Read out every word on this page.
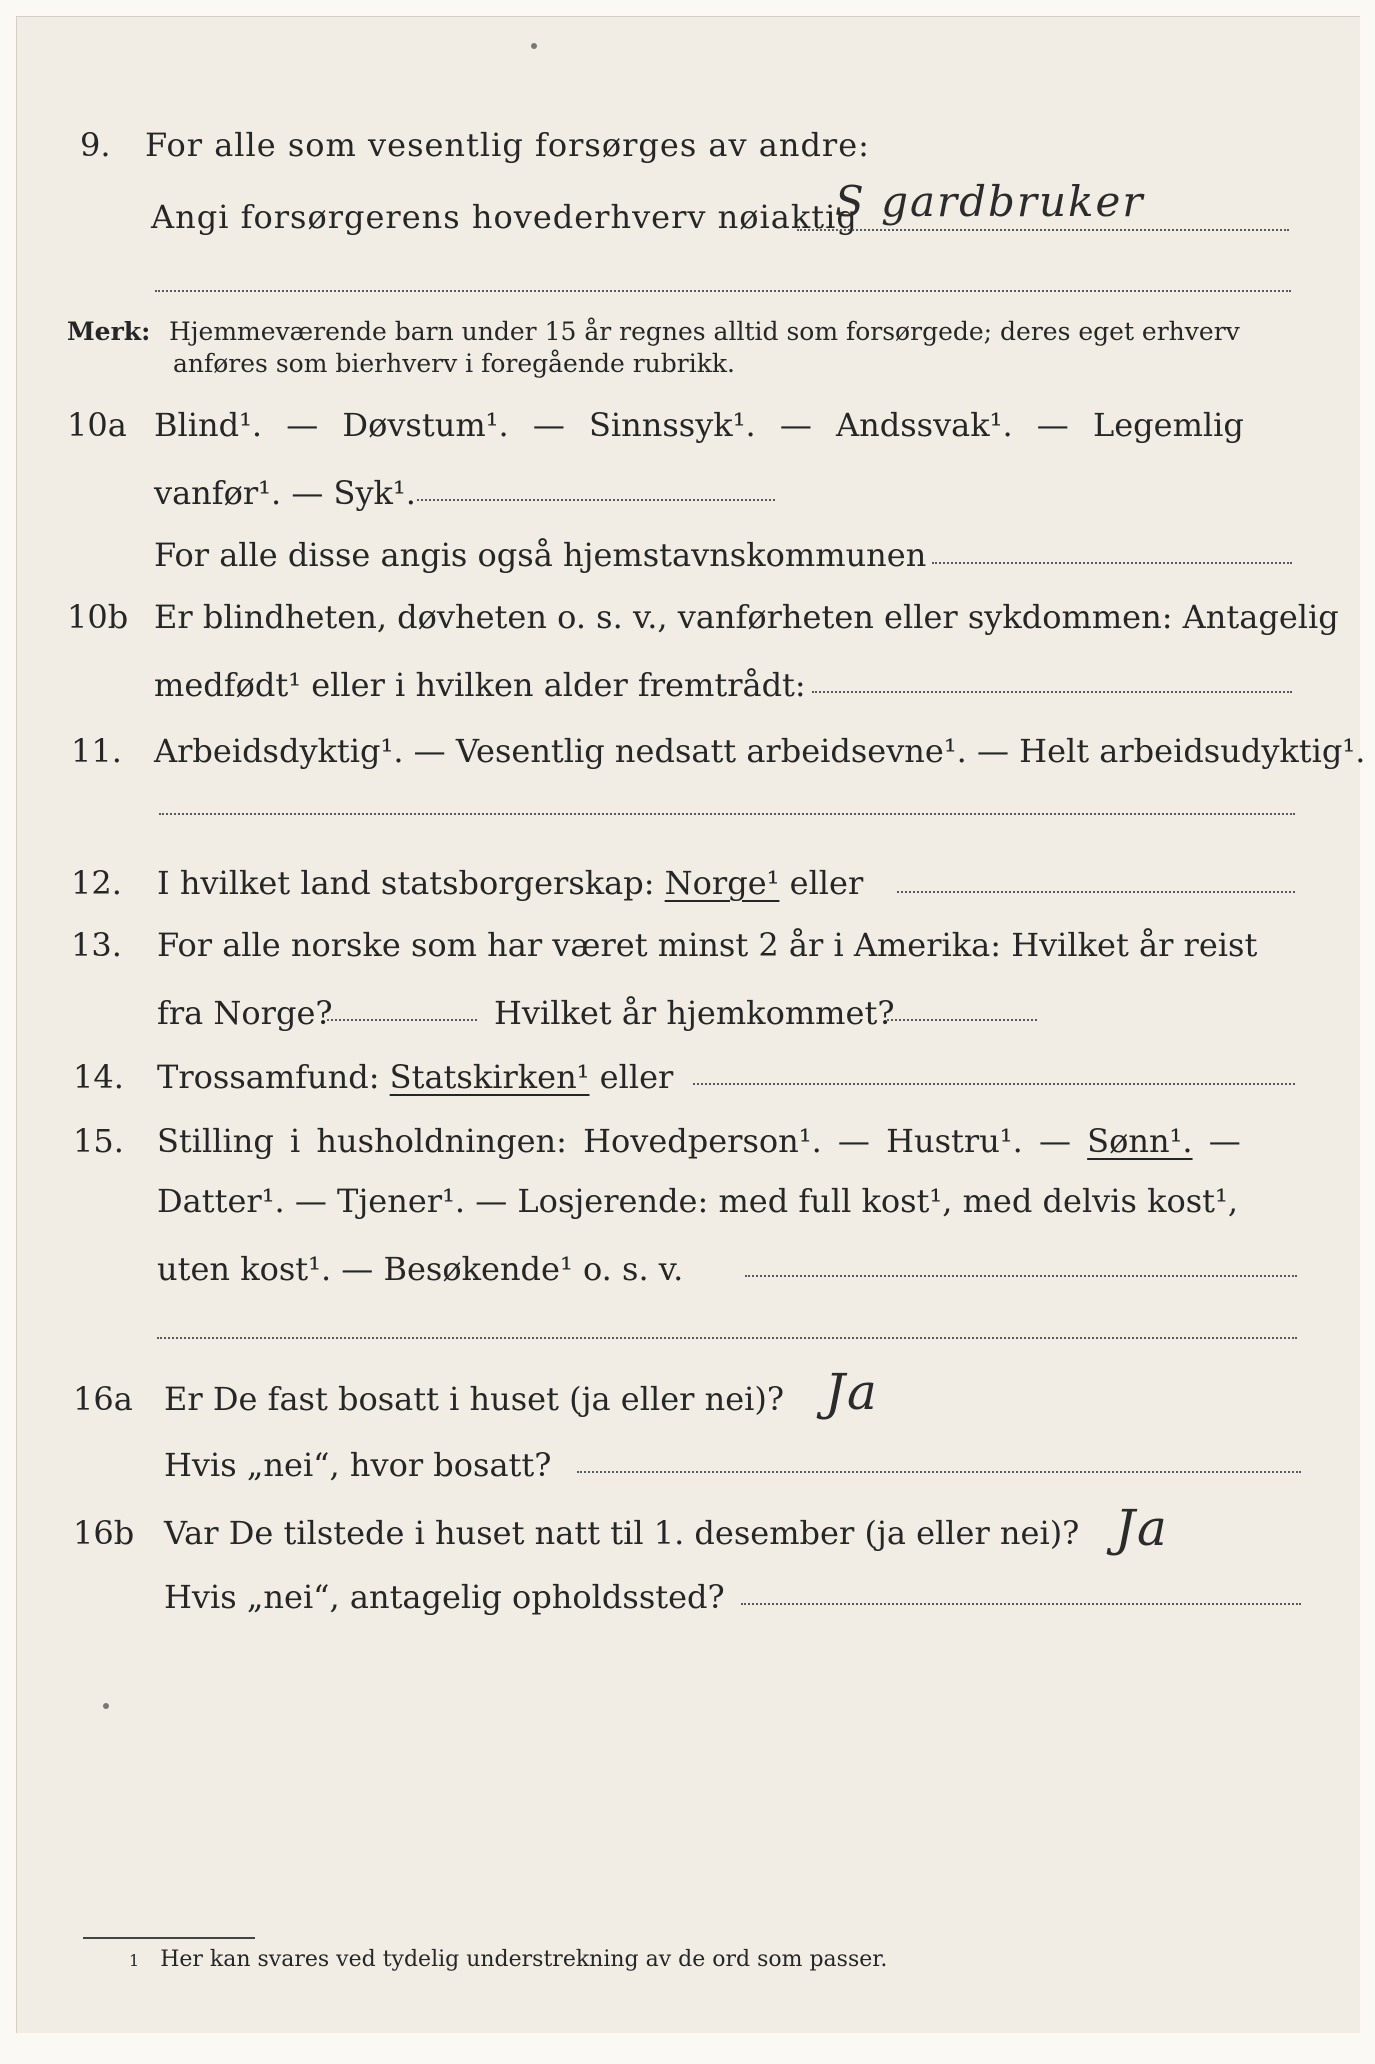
9. For alle som vesentlig forsørges av andre:
Angi forsørgerens hovederhverv nøiaktig
S gardbruker
Merk: Hjemmeværende barn under 15 år regnes alltid som forsørgede; deres eget erhverv
anføres som bierhverv i foregående rubrikk.
10a Blind¹. — Døvstum¹. — Sinnssyk¹. — Andssvak¹. — Legemlig
vanfør¹. — Syk¹.
For alle disse angis også hjemstavnskommunen
10b Er blindheten, døvheten o. s. v., vanførheten eller sykdommen: Antagelig
medfødt¹ eller i hvilken alder fremtrådt:
11. Arbeidsdyktig¹. — Vesentlig nedsatt arbeidsevne¹. — Helt arbeidsudyktig¹.
12. I hvilket land statsborgerskap: Norge¹ eller
13. For alle norske som har været minst 2 år i Amerika: Hvilket år reist
fra Norge?	Hvilket år hjemkommet?
14. Trossamfund: Statskirken¹ eller
15. Stilling i husholdningen: Hovedperson¹. — Hustru¹. — Sønn¹. —
Datter¹. — Tjener¹. — Losjerende: med full kost¹, med delvis kost¹,
uten kost¹. — Besøkende¹ o. s. v.
16a Er De fast bosatt i huset (ja eller nei)? Ja
Hvis „nei“, hvor bosatt?
16b Var De tilstede i huset natt til 1. desember (ja eller nei)? Ja
Hvis „nei“, antagelig opholdssted?
1 Her kan svares ved tydelig understrekning av de ord som passer.
